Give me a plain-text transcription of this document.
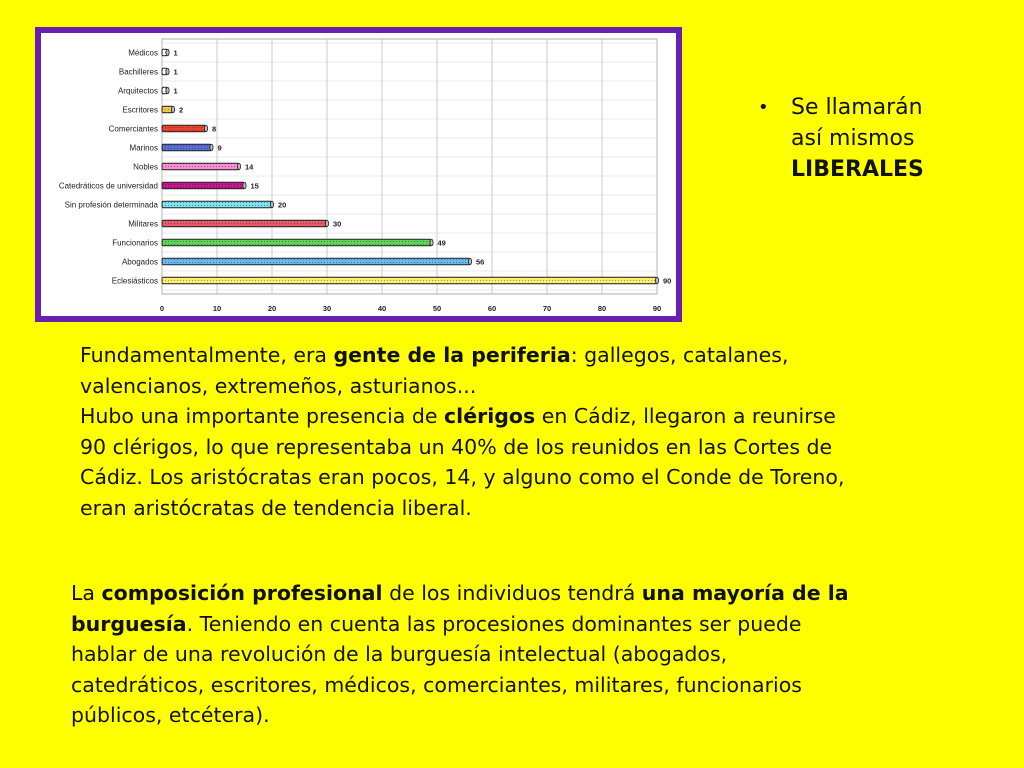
0	10	20	30	40	50	60	70	80	90
Médicos 1
Bachilleres 1
Arquitectos 1
Escritores	2
Comerciantes	8
Marinos	9
Nobles	14
Catedráticos de universidad	15
Sin profesión determinada	20
Militares	30
Funcionarios	49
Abogados	56
Eclesiásticos	90
• Se llamarán
así mismos
LIBERALES
Fundamentalmente, era gente de la periferia: gallegos, catalanes,
valencianos, extremeños, asturianos...
Hubo una importante presencia de clérigos en Cádiz, llegaron a reunirse
90 clérigos, lo que representaba un 40% de los reunidos en las Cortes de
Cádiz. Los aristócratas eran pocos, 14, y alguno como el Conde de Toreno,
eran aristócratas de tendencia liberal.
La composición profesional de los individuos tendrá una mayoría de la
burguesía. Teniendo en cuenta las procesiones dominantes ser puede
hablar de una revolución de la burguesía intelectual (abogados,
catedráticos, escritores, médicos, comerciantes, militares, funcionarios
públicos, etcétera).
